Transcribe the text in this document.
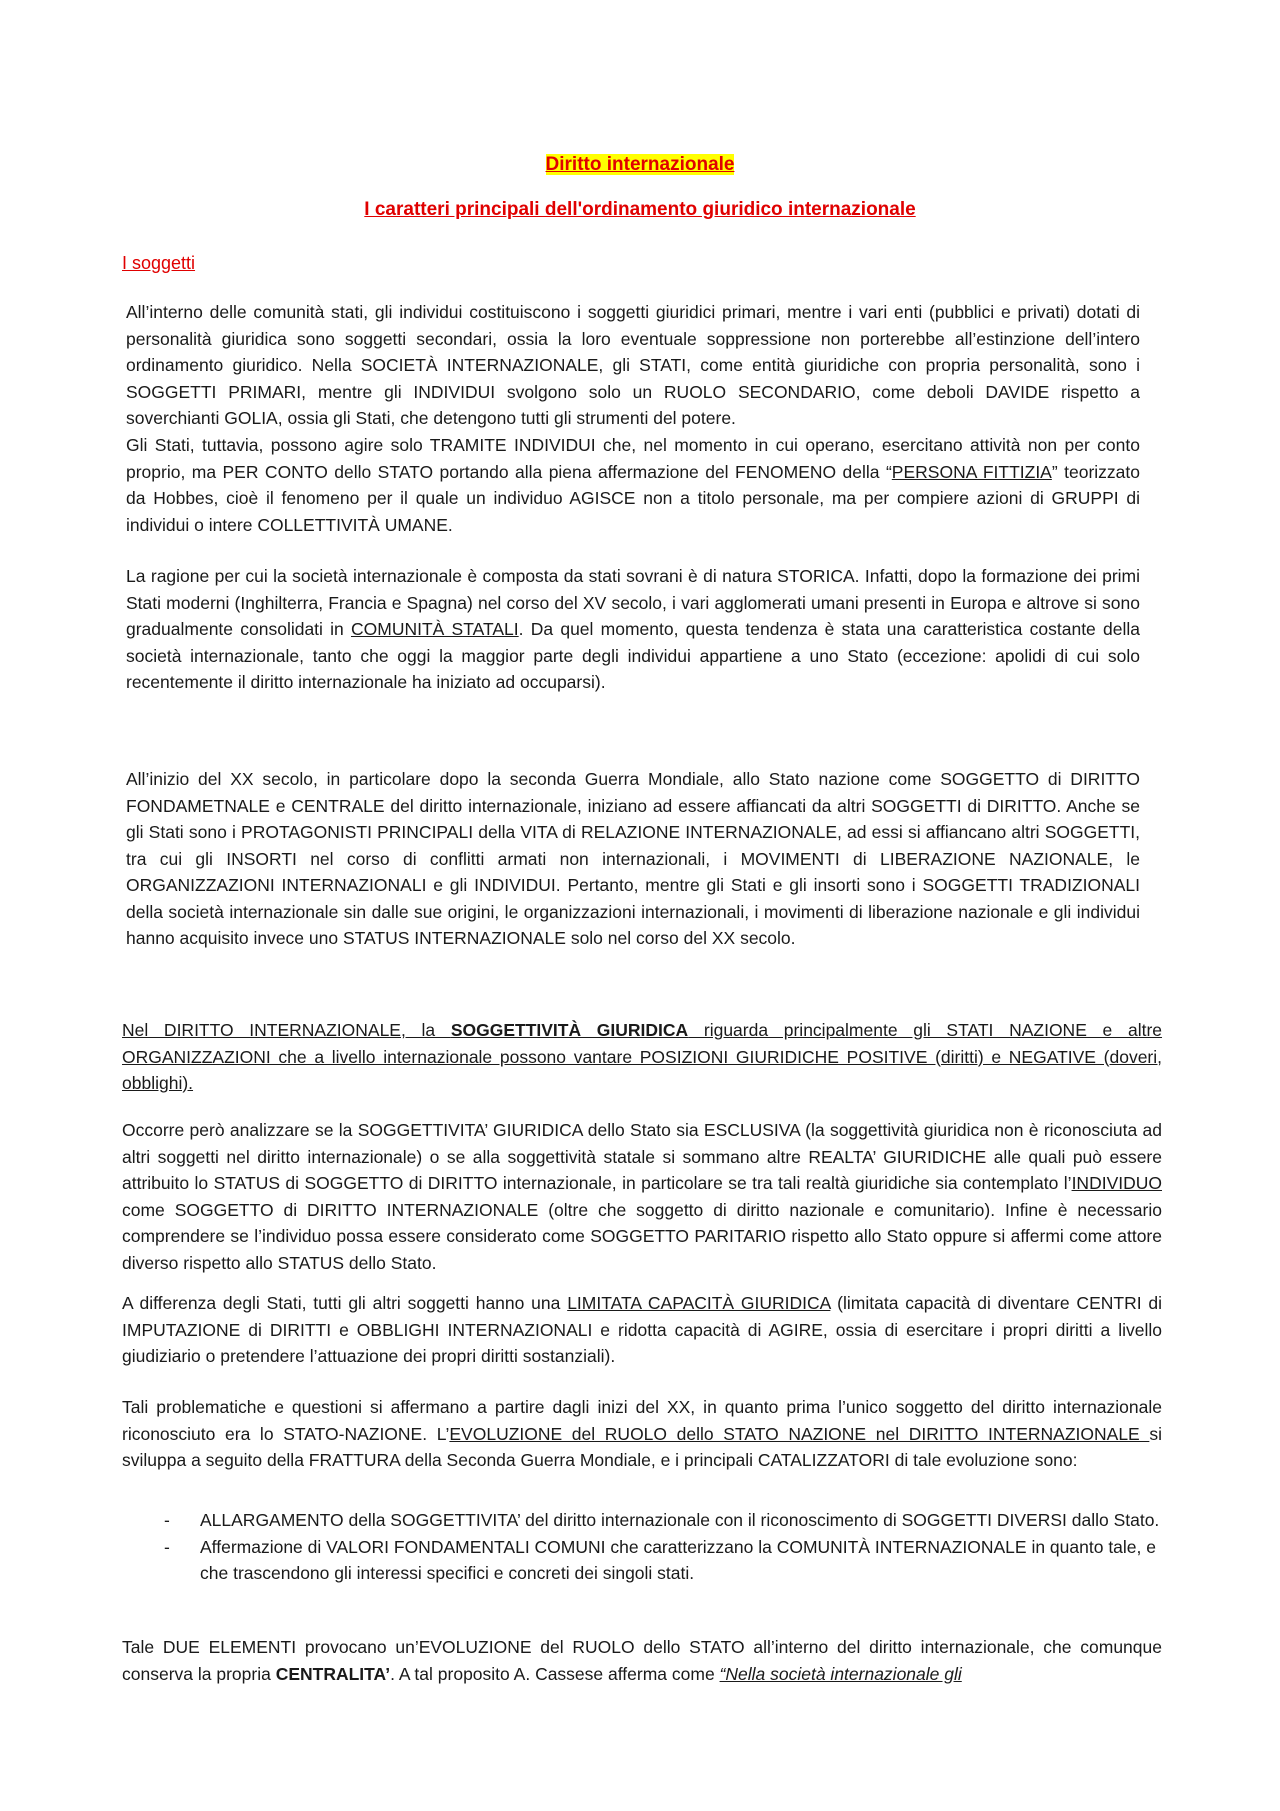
Diritto internazionale
I caratteri principali dell'ordinamento giuridico internazionale
I soggetti

All’interno delle comunità stati, gli individui costituiscono i soggetti giuridici primari, mentre i vari enti (pubblici e privati) dotati di personalità giuridica sono soggetti secondari, ossia la loro eventuale soppressione non porterebbe all’estinzione dell’intero ordinamento giuridico. Nella SOCIETÀ INTERNAZIONALE, gli STATI, come entità giuridiche con propria personalità, sono i SOGGETTI PRIMARI, mentre gli INDIVIDUI svolgono solo un RUOLO SECONDARIO, come deboli DAVIDE rispetto a soverchianti GOLIA, ossia gli Stati, che detengono tutti gli strumenti del potere.

Gli Stati, tuttavia, possono agire solo TRAMITE INDIVIDUI che, nel momento in cui operano, esercitano attività non per conto proprio, ma PER CONTO dello STATO portando alla piena affermazione del FENOMENO della “PERSONA FITTIZIA” teorizzato da Hobbes, cioè il fenomeno per il quale un individuo AGISCE non a titolo personale, ma per compiere azioni di GRUPPI di individui o intere COLLETTIVITÀ UMANE.

La ragione per cui la società internazionale è composta da stati sovrani è di natura STORICA. Infatti, dopo la formazione dei primi Stati moderni (Inghilterra, Francia e Spagna) nel corso del XV secolo, i vari agglomerati umani presenti in Europa e altrove si sono gradualmente consolidati in COMUNITÀ STATALI. Da quel momento, questa tendenza è stata una caratteristica costante della società internazionale, tanto che oggi la maggior parte degli individui appartiene a uno Stato (eccezione: apolidi di cui solo recentemente il diritto internazionale ha iniziato ad occuparsi).

All’inizio del XX secolo, in particolare dopo la seconda Guerra Mondiale, allo Stato nazione come SOGGETTO di DIRITTO FONDAMETNALE e CENTRALE del diritto internazionale, iniziano ad essere affiancati da altri SOGGETTI di DIRITTO. Anche se gli Stati sono i PROTAGONISTI PRINCIPALI della VITA di RELAZIONE INTERNAZIONALE, ad essi si affiancano altri SOGGETTI, tra cui gli INSORTI nel corso di conflitti armati non internazionali, i MOVIMENTI di LIBERAZIONE NAZIONALE, le ORGANIZZAZIONI INTERNAZIONALI e gli INDIVIDUI. Pertanto, mentre gli Stati e gli insorti sono i SOGGETTI TRADIZIONALI della società internazionale sin dalle sue origini, le organizzazioni internazionali, i movimenti di liberazione nazionale e gli individui hanno acquisito invece uno STATUS INTERNAZIONALE solo nel corso del XX secolo.

Nel DIRITTO INTERNAZIONALE, la SOGGETTIVITÀ GIURIDICA riguarda principalmente gli STATI NAZIONE e altre ORGANIZZAZIONI che a livello internazionale possono vantare POSIZIONI GIURIDICHE POSITIVE (diritti) e NEGATIVE (doveri, obblighi).

Occorre però analizzare se la SOGGETTIVITA’ GIURIDICA dello Stato sia ESCLUSIVA (la soggettività giuridica non è riconosciuta ad altri soggetti nel diritto internazionale) o se alla soggettività statale si sommano altre REALTA’ GIURIDICHE alle quali può essere attribuito lo STATUS di SOGGETTO di DIRITTO internazionale, in particolare se tra tali realtà giuridiche sia contemplato l’INDIVIDUO come SOGGETTO di DIRITTO INTERNAZIONALE (oltre che soggetto di diritto nazionale e comunitario). Infine è necessario comprendere se l’individuo possa essere considerato come SOGGETTO PARITARIO rispetto allo Stato oppure si affermi come attore diverso rispetto allo STATUS dello Stato.

A differenza degli Stati, tutti gli altri soggetti hanno una LIMITATA CAPACITÀ GIURIDICA (limitata capacità di diventare CENTRI di IMPUTAZIONE di DIRITTI e OBBLIGHI INTERNAZIONALI e ridotta capacità di AGIRE, ossia di esercitare i propri diritti a livello giudiziario o pretendere l’attuazione dei propri diritti sostanziali).

Tali problematiche e questioni si affermano a partire dagli inizi del XX, in quanto prima l’unico soggetto del diritto internazionale riconosciuto era lo STATO-NAZIONE. L’EVOLUZIONE del RUOLO dello STATO NAZIONE nel DIRITTO INTERNAZIONALE si sviluppa a seguito della FRATTURA della Seconda Guerra Mondiale, e i principali CATALIZZATORI di tale evoluzione sono:

- ALLARGAMENTO della SOGGETTIVITA’ del diritto internazionale con il riconoscimento di SOGGETTI DIVERSI dallo Stato.
- Affermazione di VALORI FONDAMENTALI COMUNI che caratterizzano la COMUNITÀ INTERNAZIONALE in quanto tale, e che trascendono gli interessi specifici e concreti dei singoli stati.

Tale DUE ELEMENTI provocano un’EVOLUZIONE del RUOLO dello STATO all’interno del diritto internazionale, che comunque conserva la propria CENTRALITA’. A tal proposito A. Cassese afferma come “Nella società internazionale gli
